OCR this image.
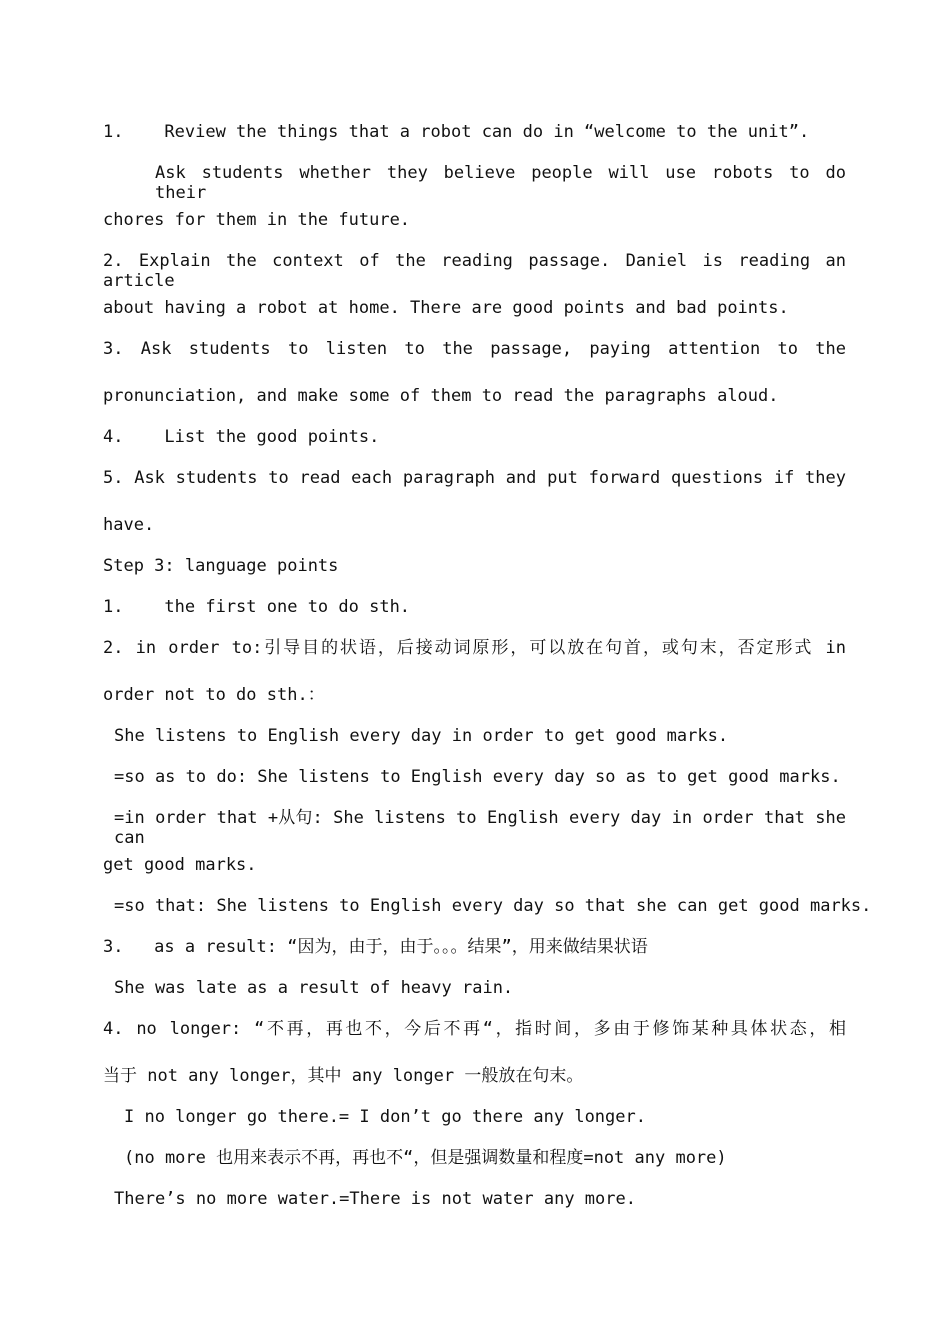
1.    Review the things that a robot can do in “welcome to the unit”.
Ask students whether they believe people will use robots to do their
chores for them in the future.
2. Explain the context of the reading passage. Daniel is reading an article
about having a robot at home. There are good points and bad points.
3. Ask students to listen to the passage, paying attention to the
pronunciation, and make some of them to read the paragraphs aloud.
4.    List the good points.
5. Ask students to read each paragraph and put forward questions if they
have.
Step 3: language points
1.    the first one to do sth.
2. in order to:引导目的状语，后接动词原形，可以放在句首，或句末，否定形式 in
order not to do sth.：
She listens to English every day in order to get good marks.
=so as to do: She listens to English every day so as to get good marks.
=in order that +从句: She listens to English every day in order that she can
get good marks.
=so that: She listens to English every day so that she can get good marks.
3.   as a result: “因为，由于，由于。。。结果”，用来做结果状语
She was late as a result of heavy rain.
4. no longer: “不再，再也不，今后不再“，指时间，多由于修饰某种具体状态，相
当于 not any longer，其中 any longer 一般放在句末。
I no longer go there.= I don’t go there any longer.
(no more 也用来表示不再，再也不“，但是强调数量和程度=not any more)
There’s no more water.=There is not water any more.
